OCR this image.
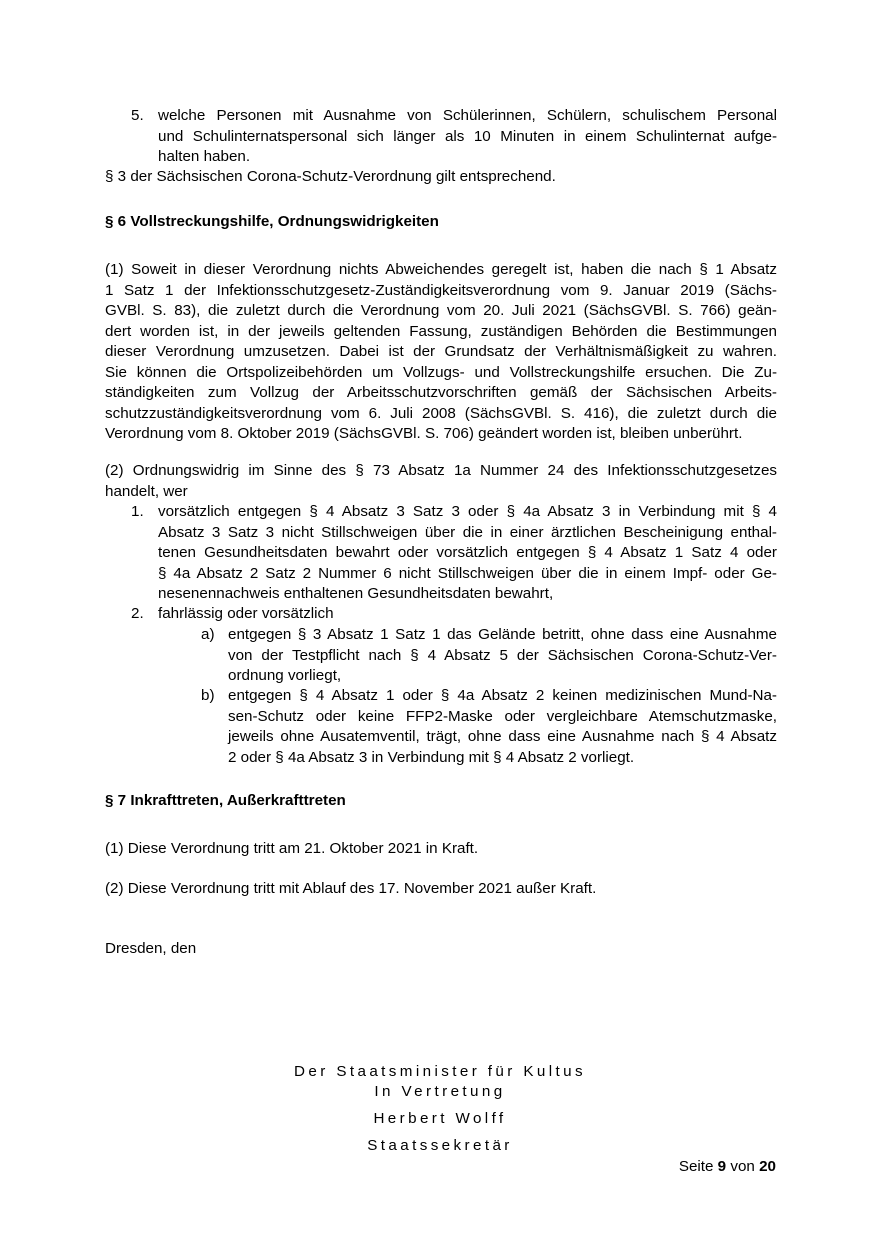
5. welche Personen mit Ausnahme von Schülerinnen, Schülern, schulischem Personal
und Schulinternatspersonal sich länger als 10 Minuten in einem Schulinternat aufge-
halten haben.
§ 3 der Sächsischen Corona-Schutz-Verordnung gilt entsprechend.
§ 6 Vollstreckungshilfe, Ordnungswidrigkeiten
(1) Soweit in dieser Verordnung nichts Abweichendes geregelt ist, haben die nach § 1 Absatz
1 Satz 1 der Infektionsschutzgesetz-Zuständigkeitsverordnung vom 9. Januar 2019 (Sächs-
GVBl. S. 83), die zuletzt durch die Verordnung vom 20. Juli 2021 (SächsGVBl. S. 766) geän-
dert worden ist, in der jeweils geltenden Fassung, zuständigen Behörden die Bestimmungen
dieser Verordnung umzusetzen. Dabei ist der Grundsatz der Verhältnismäßigkeit zu wahren.
Sie können die Ortspolizeibehörden um Vollzugs- und Vollstreckungshilfe ersuchen. Die Zu-
ständigkeiten zum Vollzug der Arbeitsschutzvorschriften gemäß der Sächsischen Arbeits-
schutzzuständigkeitsverordnung vom 6. Juli 2008 (SächsGVBl. S. 416), die zuletzt durch die
Verordnung vom 8. Oktober 2019 (SächsGVBl. S. 706) geändert worden ist, bleiben unberührt.
(2) Ordnungswidrig im Sinne des § 73 Absatz 1a Nummer 24 des Infektionsschutzgesetzes
handelt, wer
1. vorsätzlich entgegen § 4 Absatz 3 Satz 3 oder § 4a Absatz 3 in Verbindung mit § 4
Absatz 3 Satz 3 nicht Stillschweigen über die in einer ärztlichen Bescheinigung enthal-
tenen Gesundheitsdaten bewahrt oder vorsätzlich entgegen § 4 Absatz 1 Satz 4 oder
§ 4a Absatz 2 Satz 2 Nummer 6 nicht Stillschweigen über die in einem Impf- oder Ge-
nesenennachweis enthaltenen Gesundheitsdaten bewahrt,
2. fahrlässig oder vorsätzlich
a) entgegen § 3 Absatz 1 Satz 1 das Gelände betritt, ohne dass eine Ausnahme
von der Testpflicht nach § 4 Absatz 5 der Sächsischen Corona-Schutz-Ver-
ordnung vorliegt,
b) entgegen § 4 Absatz 1 oder § 4a Absatz 2 keinen medizinischen Mund-Na-
sen-Schutz oder keine FFP2-Maske oder vergleichbare Atemschutzmaske,
jeweils ohne Ausatemventil, trägt, ohne dass eine Ausnahme nach § 4 Absatz
2 oder § 4a Absatz 3 in Verbindung mit § 4 Absatz 2 vorliegt.
§ 7 Inkrafttreten, Außerkrafttreten
(1) Diese Verordnung tritt am 21. Oktober 2021 in Kraft.
(2) Diese Verordnung tritt mit Ablauf des 17. November 2021 außer Kraft.
Dresden, den
Der Staatsminister für Kultus
In Vertretung
Herbert Wolff
Staatssekretär
Seite 9 von 20
